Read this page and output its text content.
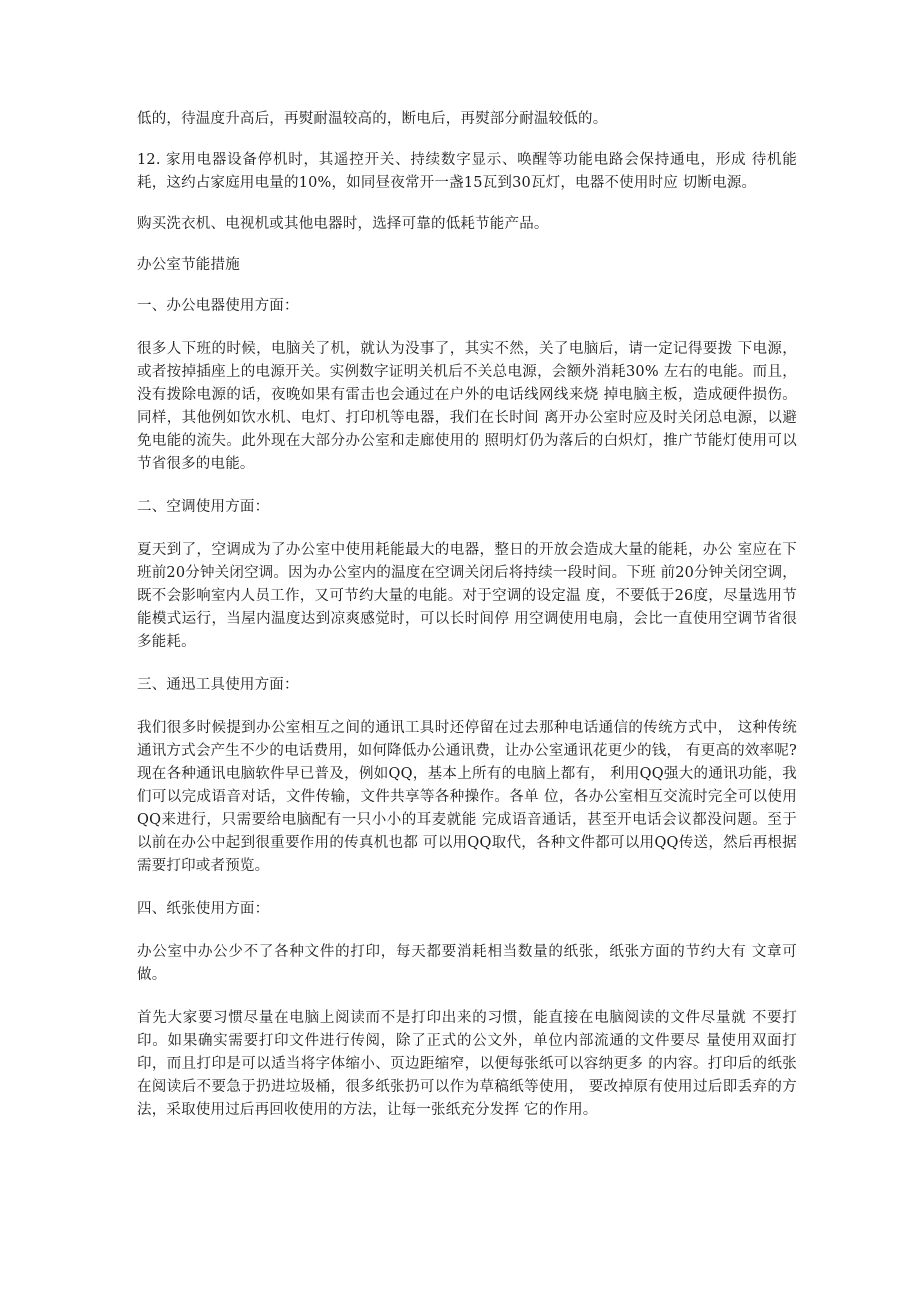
低的，待温度升高后，再熨耐温较高的，断电后，再熨部分耐温较低的。

12. 家用电器设备停机时，其遥控开关、持续数字显示、唤醒等功能电路会保持通电，形成 待机能耗，这约占家庭用电量的10%，如同昼夜常开一盏15瓦到30瓦灯，电器不使用时应 切断电源。

购买洗衣机、电视机或其他电器时，选择可靠的低耗节能产品。

办公室节能措施

一、办公电器使用方面：

很多人下班的时候，电脑关了机，就认为没事了，其实不然，关了电脑后，请一定记得要拨 下电源，或者按掉插座上的电源开关。实例数字证明关机后不关总电源，会额外消耗30% 左右的电能。而且，没有拨除电源的话，夜晚如果有雷击也会通过在户外的电话线网线来烧 掉电脑主板，造成硬件损伤。同样，其他例如饮水机、电灯、打印机等电器，我们在长时间 离开办公室时应及时关闭总电源，以避免电能的流失。此外现在大部分办公室和走廊使用的 照明灯仍为落后的白炽灯，推广节能灯使用可以节省很多的电能。

二、空调使用方面：

夏天到了，空调成为了办公室中使用耗能最大的电器，整日的开放会造成大量的能耗，办公 室应在下班前20分钟关闭空调。因为办公室内的温度在空调关闭后将持续一段时间。下班 前20分钟关闭空调，既不会影响室内人员工作，又可节约大量的电能。对于空调的设定温 度，不要低于26度，尽量选用节能模式运行，当屋内温度达到凉爽感觉时，可以长时间停 用空调使用电扇，会比一直使用空调节省很多能耗。

三、通迅工具使用方面：

我们很多时候提到办公室相互之间的通讯工具时还停留在过去那种电话通信的传统方式中， 这种传统通讯方式会产生不少的电话费用，如何降低办公通讯费，让办公室通讯花更少的钱， 有更高的效率呢?现在各种通讯电脑软件早已普及，例如QQ，基本上所有的电脑上都有， 利用QQ强大的通讯功能，我们可以完成语音对话，文件传输，文件共享等各种操作。各单 位，各办公室相互交流时完全可以使用QQ来进行，只需要给电脑配有一只小小的耳麦就能 完成语音通话，甚至开电话会议都没问题。至于以前在办公中起到很重要作用的传真机也都 可以用QQ取代，各种文件都可以用QQ传送，然后再根据需要打印或者预览。

四、纸张使用方面：

办公室中办公少不了各种文件的打印，每天都要消耗相当数量的纸张，纸张方面的节约大有 文章可做。

首先大家要习惯尽量在电脑上阅读而不是打印出来的习惯，能直接在电脑阅读的文件尽量就 不要打印。如果确实需要打印文件进行传阅，除了正式的公文外，单位内部流通的文件要尽 量使用双面打印，而且打印是可以适当将字体缩小、页边距缩窄，以便每张纸可以容纳更多 的内容。打印后的纸张在阅读后不要急于扔进垃圾桶，很多纸张扔可以作为草稿纸等使用， 要改掉原有使用过后即丢弃的方法，采取使用过后再回收使用的方法，让每一张纸充分发挥 它的作用。
